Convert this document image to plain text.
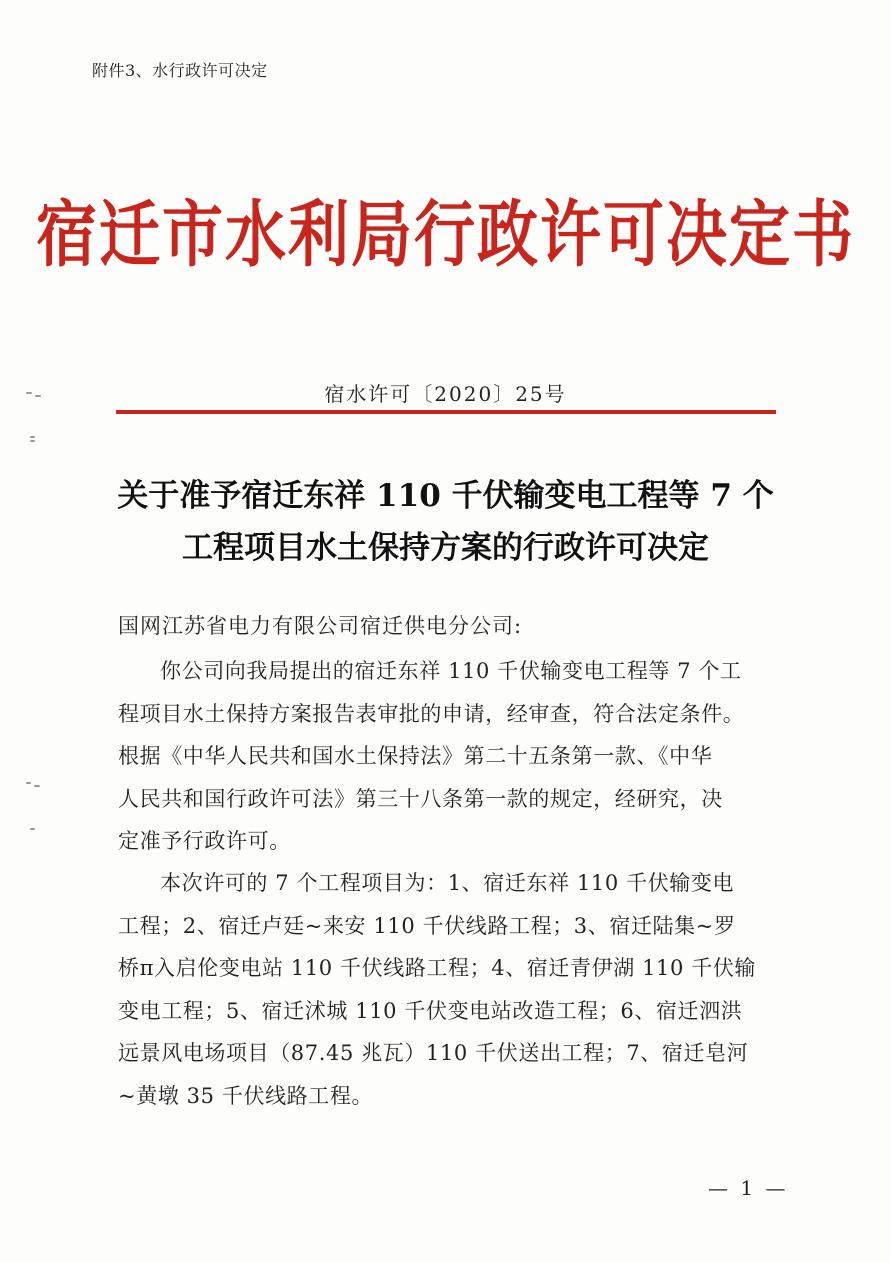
附件3、水行政许可决定
宿迁市水利局行政许可决定书
宿水许可〔2020〕25号
关于准予宿迁东祥 110 千伏输变电工程等 7 个
工程项目水土保持方案的行政许可决定
国网江苏省电力有限公司宿迁供电分公司:
你公司向我局提出的宿迁东祥 110 千伏输变电工程等 7 个工
程项目水土保持方案报告表审批的申请，经审查，符合法定条件。
根据《中华人民共和国水土保持法》第二十五条第一款、《中华
人民共和国行政许可法》第三十八条第一款的规定，经研究，决
定准予行政许可。
本次许可的 7 个工程项目为：1、宿迁东祥 110 千伏输变电
工程；2、宿迁卢廷~来安 110 千伏线路工程；3、宿迁陆集~罗
桥π入启伦变电站 110 千伏线路工程；4、宿迁青伊湖 110 千伏输
变电工程；5、宿迁沭城 110 千伏变电站改造工程；6、宿迁泗洪
远景风电场项目（87.45 兆瓦）110 千伏送出工程；7、宿迁皂河
~黄墩 35 千伏线路工程。
— 1 —
